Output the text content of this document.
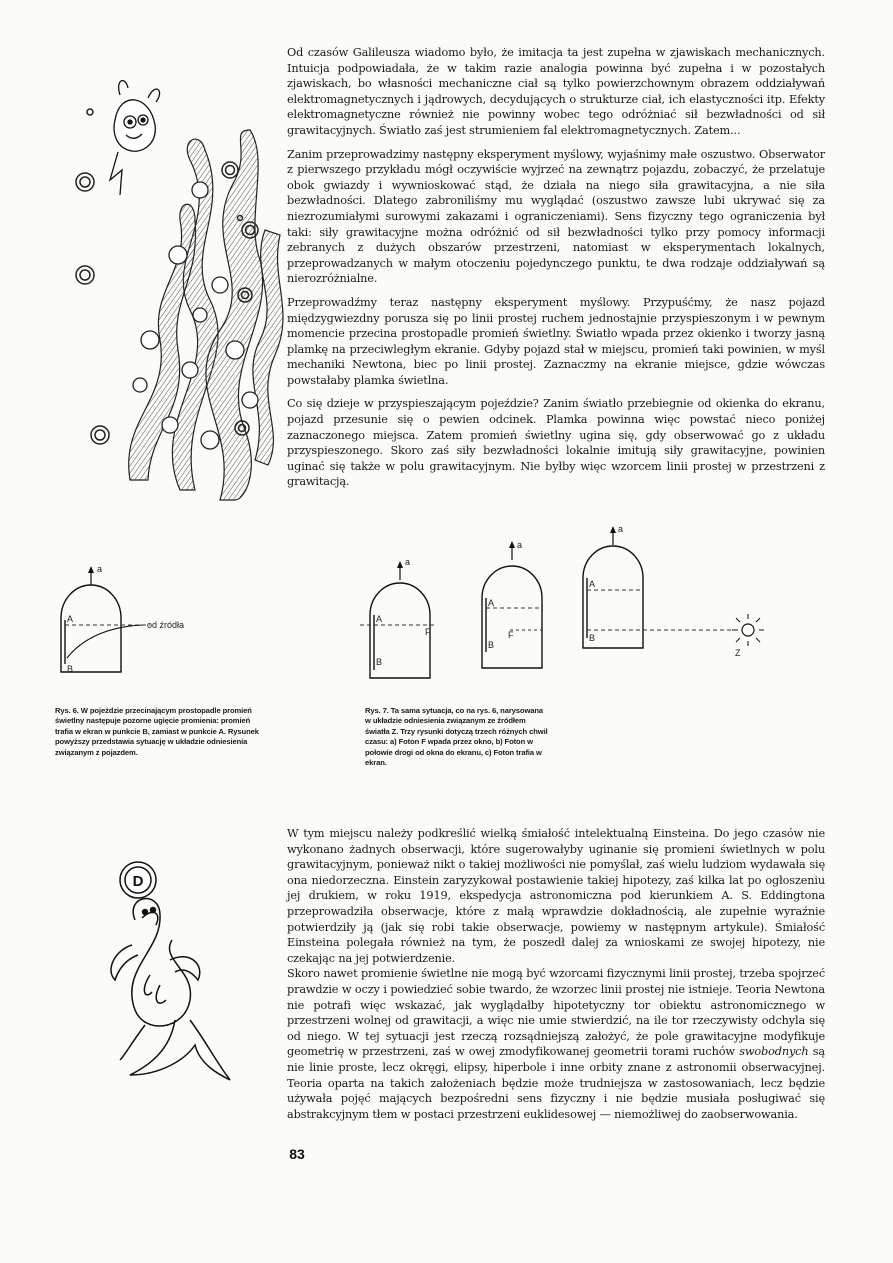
Od czasów Galileusza wiadomo było, że imitacja ta jest zupełna w zjawiskach mechanicznych. Intuicja podpowiadała, że w takim razie analogia powinna być zupełna i w pozostałych zjawiskach, bo własności mechaniczne ciał są tylko powierzchownym obrazem oddziaływań elektromagnetycznych i jądrowych, decydujących o strukturze ciał, ich elastyczności itp. Efekty elektromagnetyczne również nie powinny wobec tego odróżniać sił bezwładności od sił grawitacyjnych. Światło zaś jest strumieniem fal elektromagnetycznych. Zatem...

Zanim przeprowadzimy następny eksperyment myślowy, wyjaśnimy małe oszustwo. Obserwator z pierwszego przykładu mógł oczywiście wyjrzeć na zewnątrz pojazdu, zobaczyć, że przelatuje obok gwiazdy i wywnioskować stąd, że działa na niego siła grawitacyjna, a nie siła bezwładności. Dlatego zabroniliśmy mu wyglądać (oszustwo zawsze lubi ukrywać się za niezrozumiałymi surowymi zakazami i ograniczeniami). Sens fizyczny tego ograniczenia był taki: siły grawitacyjne można odróżnić od sił bezwładności tylko przy pomocy informacji zebranych z dużych obszarów przestrzeni, natomiast w eksperymentach lokalnych, przeprowadzanych w małym otoczeniu pojedynczego punktu, te dwa rodzaje oddziaływań są nierozróżnialne.

Przeprowadźmy teraz następny eksperyment myślowy. Przypuśćmy, że nasz pojazd międzygwiezdny porusza się po linii prostej ruchem jednostajnie przyspieszonym i w pewnym momencie przecina prostopadle promień świetlny. Światło wpada przez okienko i tworzy jasną plamkę na przeciwległym ekranie. Gdyby pojazd stał w miejscu, promień taki powinien, w myśl mechaniki Newtona, biec po linii prostej. Zaznaczmy na ekranie miejsce, gdzie wówczas powstałaby plamka świetlna.

Co się dzieje w przyspieszającym pojeździe? Zanim światło przebiegnie od okienka do ekranu, pojazd przesunie się o pewien odcinek. Plamka powinna więc powstać nieco poniżej zaznaczonego miejsca. Zatem promień świetlny ugina się, gdy obserwować go z układu przyspieszonego. Skoro zaś siły bezwładności lokalnie imitują siły grawitacyjne, powinien uginać się także w polu grawitacyjnym. Nie byłby więc wzorcem linii prostej w przestrzeni z grawitacją.

a
A
B
od źródła
Rys. 6. W pojeździe przecinającym prostopadle promień świetlny następuje pozorne ugięcie promienia: promień trafia w ekran w punkcie B, zamiast w punkcie A. Rysunek powyższy przedstawia sytuację w układzie odniesienia związanym z pojazdem.
a
A
F
B
a
A
F
B
a
A
B
Z
Rys. 7. Ta sama sytuacja, co na rys. 6, narysowana w układzie odniesienia związanym ze źródłem światła Z. Trzy rysunki dotyczą trzech różnych chwil czasu: a) Foton F wpada przez okno, b) Foton w połowie drogi od okna do ekranu, c) Foton trafia w ekran.
D

W tym miejscu należy podkreślić wielką śmiałość intelektualną Einsteina. Do jego czasów nie wykonano żadnych obserwacji, które sugerowałyby uginanie się promieni świetlnych w polu grawitacyjnym, ponieważ nikt o takiej możliwości nie pomyślał, zaś wielu ludziom wydawała się ona niedorzeczna. Einstein zaryzykował postawienie takiej hipotezy, zaś kilka lat po ogłoszeniu jej drukiem, w roku 1919, ekspedycja astronomiczna pod kierunkiem A. S. Eddingtona przeprowadziła obserwacje, które z małą wprawdzie dokładnością, ale zupełnie wyraźnie potwierdziły ją (jak się robi takie obserwacje, powiemy w następnym artykule). Śmiałość Einsteina polegała również na tym, że poszedł dalej za wnioskami ze swojej hipotezy, nie czekając na jej potwierdzenie.

Skoro nawet promienie świetlne nie mogą być wzorcami fizycznymi linii prostej, trzeba spojrzeć prawdzie w oczy i powiedzieć sobie twardo, że wzorzec linii prostej nie istnieje. Teoria Newtona nie potrafi więc wskazać, jak wyglądałby hipotetyczny tor obiektu astronomicznego w przestrzeni wolnej od grawitacji, a więc nie umie stwierdzić, na ile tor rzeczywisty odchyla się od niego. W tej sytuacji jest rzeczą rozsądniejszą założyć, że pole grawitacyjne modyfikuje geometrię w przestrzeni, zaś w owej zmodyfikowanej geometrii torami ruchów swobodnych są nie linie proste, lecz okręgi, elipsy, hiperbole i inne orbity znane z astronomii obserwacyjnej. Teoria oparta na takich założeniach będzie może trudniejsza w zastosowaniach, lecz będzie używała pojęć mających bezpośredni sens fizyczny i nie będzie musiała posługiwać się abstrakcyjnym tłem w postaci przestrzeni euklidesowej — niemożliwej do zaobserwowania.

83
